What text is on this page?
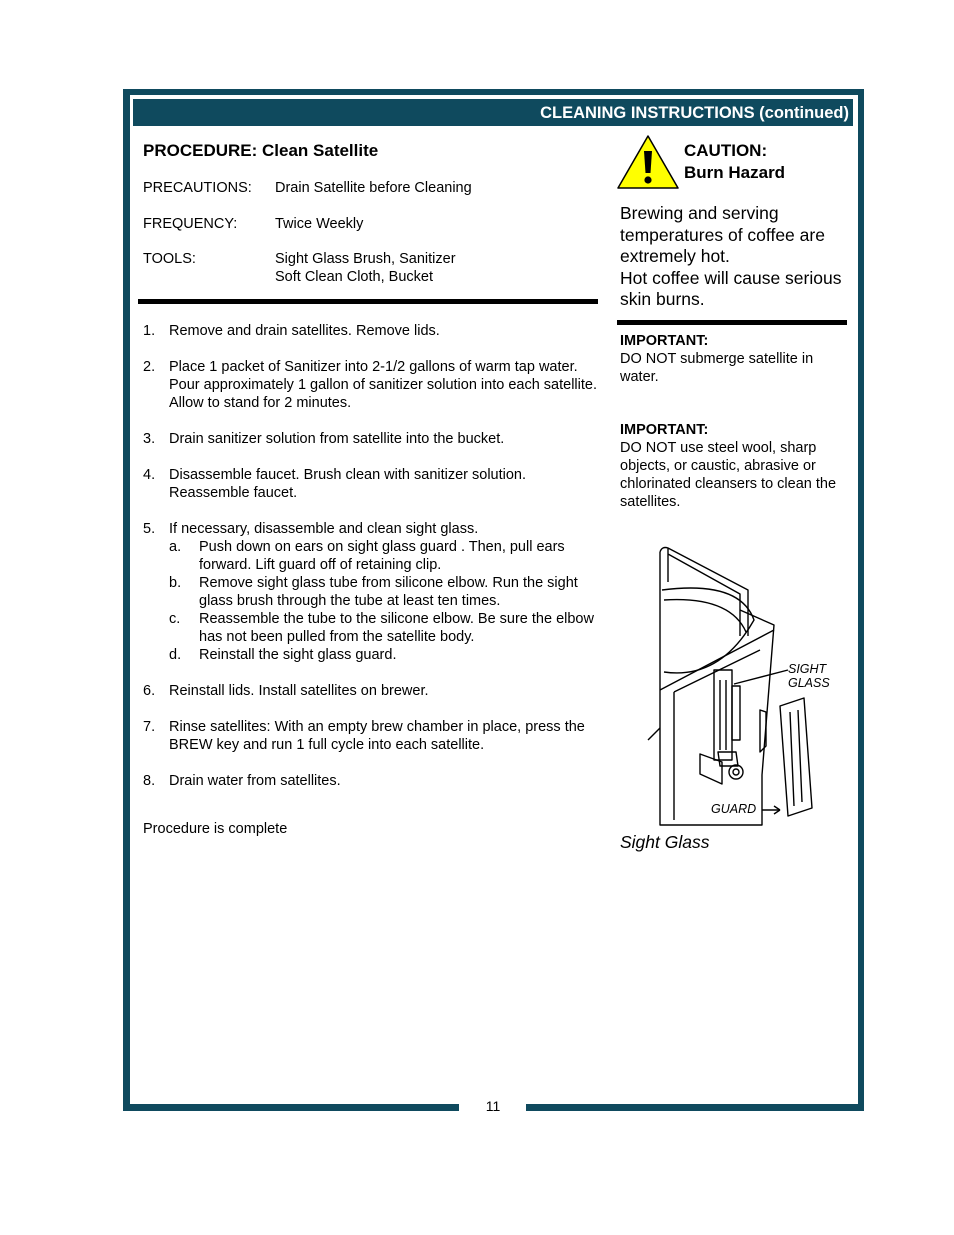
11
CLEANING INSTRUCTIONS (continued)
PROCEDURE: Clean Satellite
PRECAUTIONS: Drain Satellite before Cleaning
FREQUENCY:	Twice Weekly
TOOLS:	Sight Glass Brush, Sanitizer
Soft Clean Cloth, Bucket
1. Remove and drain satellites. Remove lids.
2. Place 1 packet of Sanitizer into 2-1/2 gallons of warm tap water. Pour approximately 1 gallon of sanitizer solution into each satellite. Allow to stand for 2 minutes.
3. Drain sanitizer solution from satellite into the bucket.
4. Disassemble faucet. Brush clean with sanitizer solution. Reassemble faucet.
5. If necessary, disassemble and clean sight glass.
a. Push down on ears on sight glass guard . Then, pull ears forward. Lift guard off of retaining clip.
b. Remove sight glass tube from silicone elbow. Run the sight glass brush through the tube at least ten times.
c. Reassemble the tube to the silicone elbow. Be sure the elbow has not been pulled from the satellite body.
d. Reinstall the sight glass guard.
6. Reinstall lids. Install satellites on brewer.
7. Rinse satellites: With an empty brew chamber in place, press the BREW key and run 1 full cycle into each satellite.
8. Drain water from satellites.
Procedure is complete
CAUTION:
Burn Hazard
Brewing and serving temperatures of coffee are extremely hot.
Hot coffee will cause serious skin burns.
IMPORTANT:
DO NOT submerge satellite in water.
IMPORTANT:
DO NOT use steel wool, sharp objects, or caustic, abrasive or chlorinated cleansers to clean the satellites.
SIGHT
GLASS
GUARD
Sight Glass
